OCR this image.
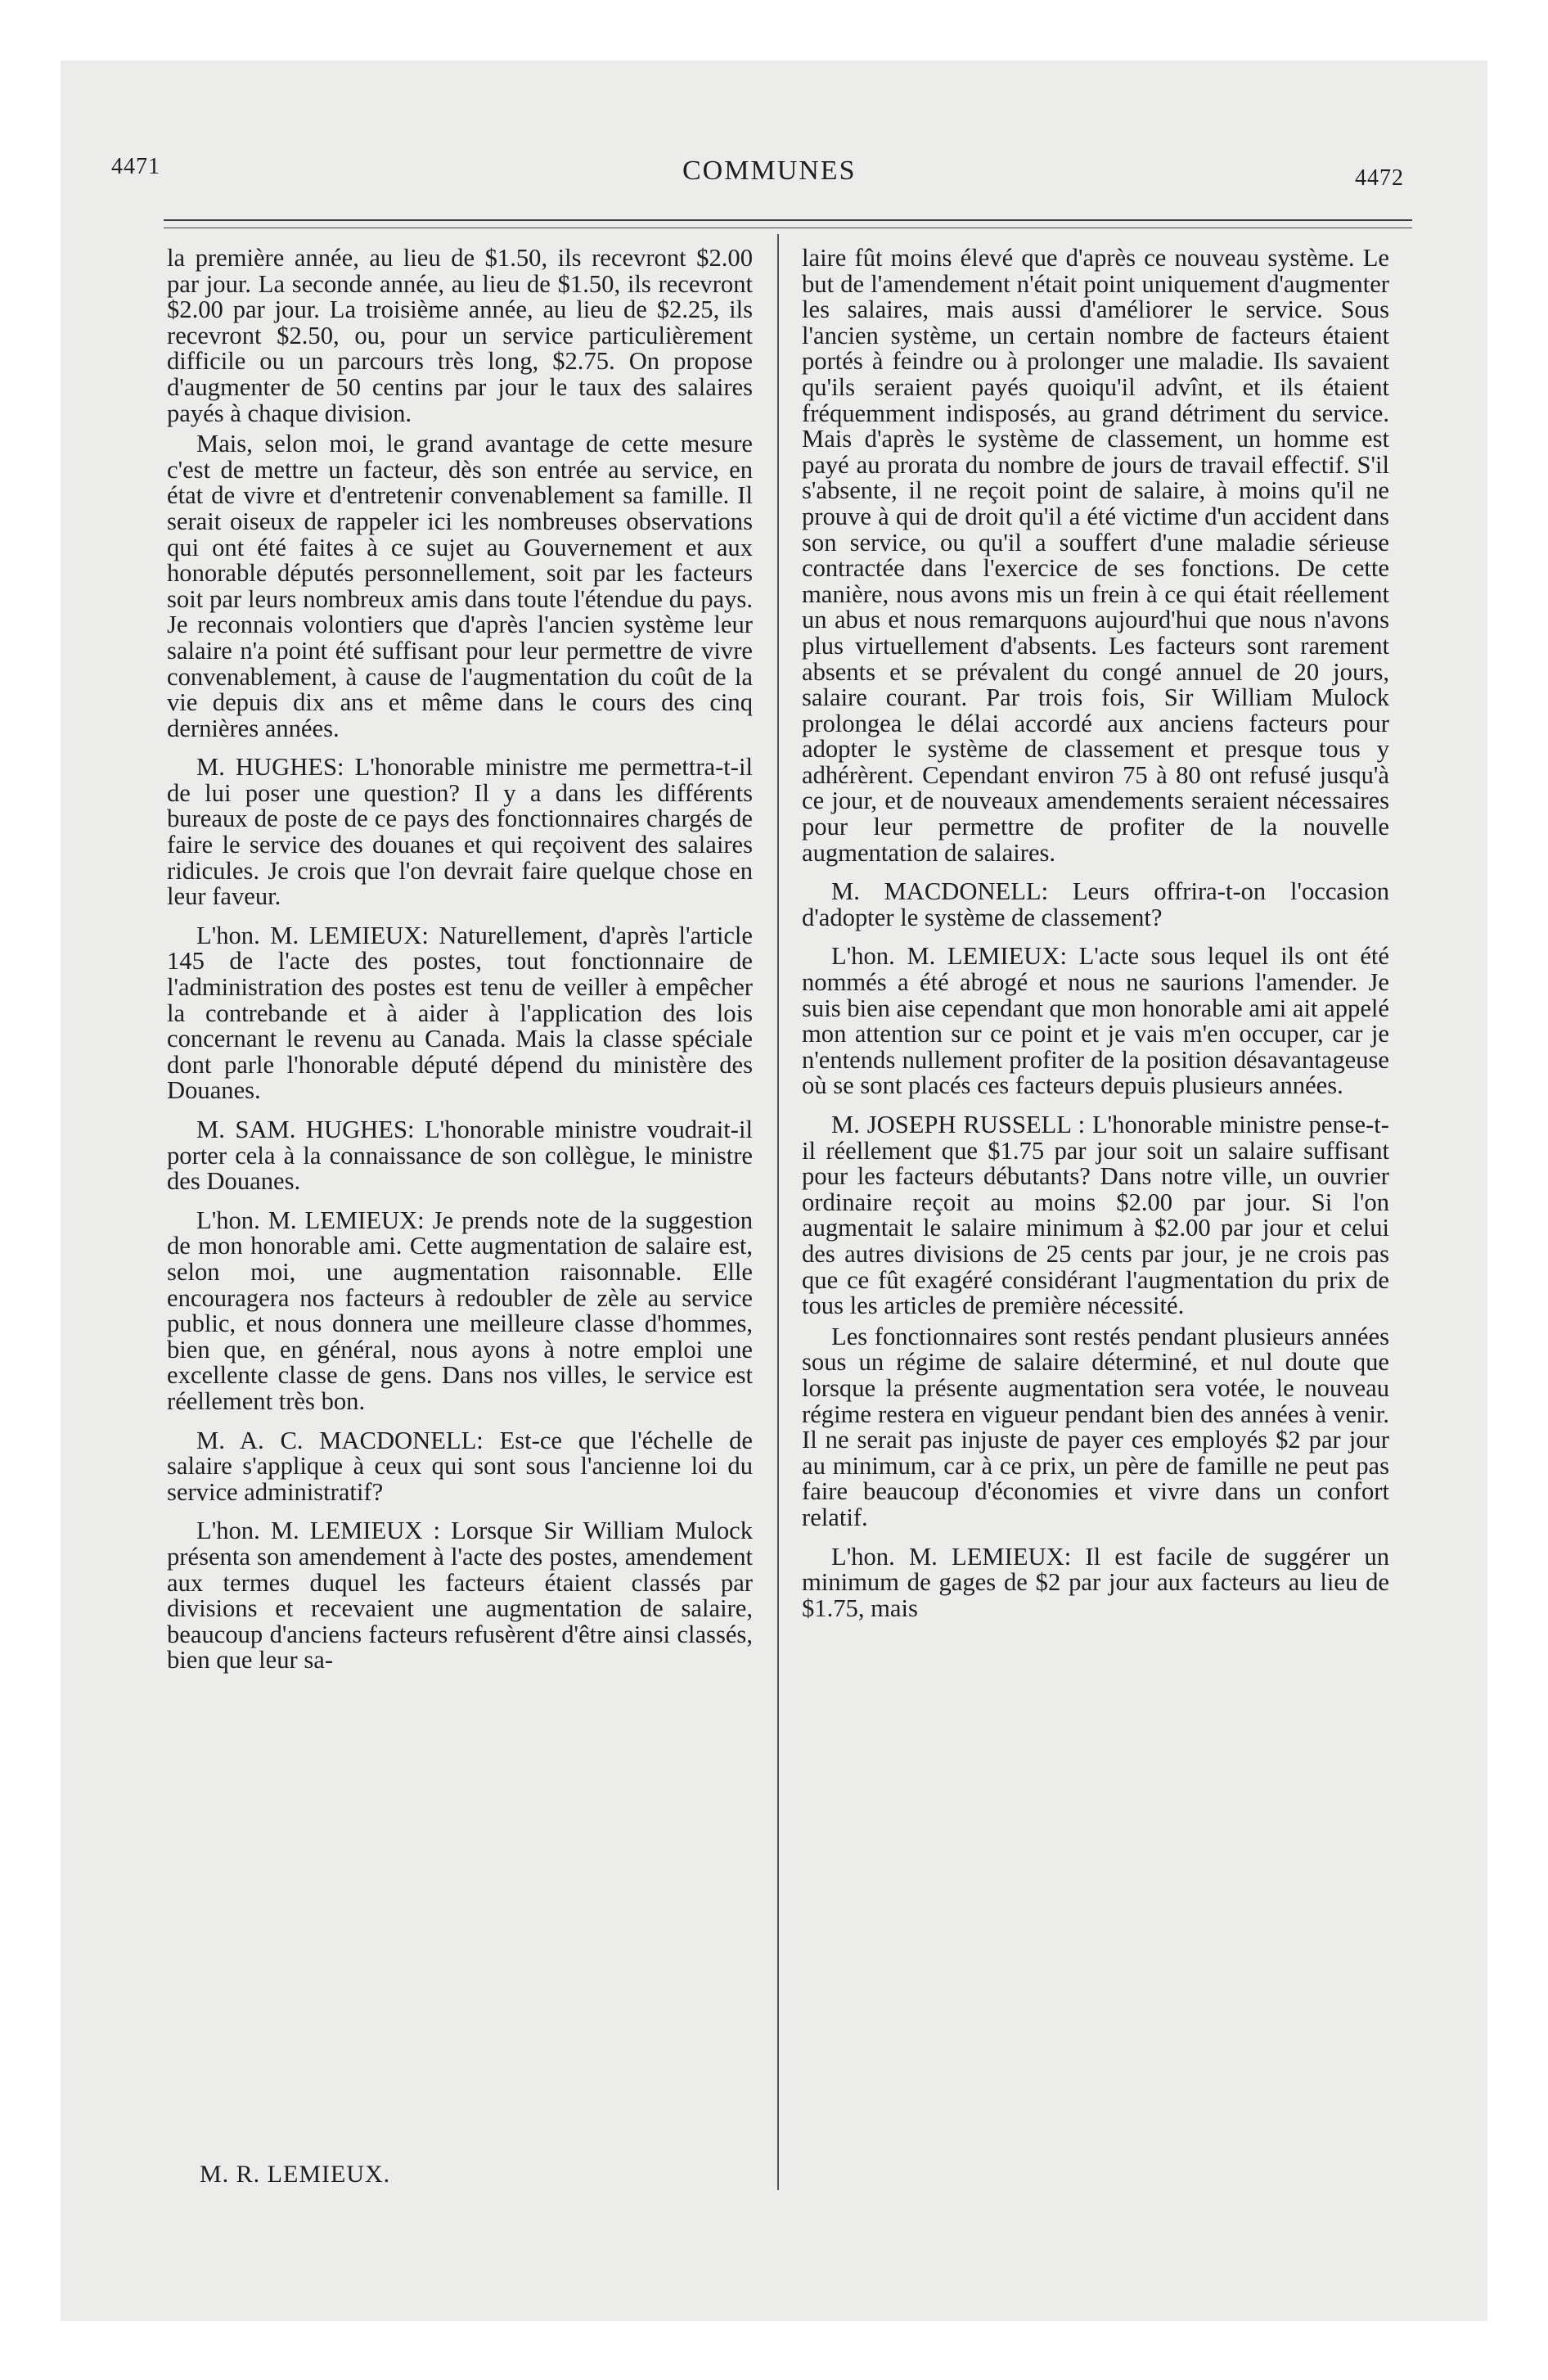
4471	COMMUNES	4472

la première année, au lieu de $1.50, ils recevront $2.00 par jour. La seconde année, au lieu de $1.50, ils recevront $2.00 par jour. La troisième année, au lieu de $2.25, ils recevront $2.50, ou, pour un service particulièrement difficile ou un parcours très long, $2.75. On propose d'augmenter de 50 centins par jour le taux des salaires payés à chaque division.

Mais, selon moi, le grand avantage de cette mesure c'est de mettre un facteur, dès son entrée au service, en état de vivre et d'entretenir convenablement sa famille. Il serait oiseux de rappeler ici les nombreuses observations qui ont été faites à ce sujet au Gouvernement et aux honorable députés personnellement, soit par les facteurs soit par leurs nombreux amis dans toute l'étendue du pays. Je reconnais volontiers que d'après l'ancien système leur salaire n'a point été suffisant pour leur permettre de vivre convenablement, à cause de l'augmentation du coût de la vie depuis dix ans et même dans le cours des cinq dernières années.

M. HUGHES: L'honorable ministre me permettra-t-il de lui poser une question? Il y a dans les différents bureaux de poste de ce pays des fonctionnaires chargés de faire le service des douanes et qui reçoivent des salaires ridicules. Je crois que l'on devrait faire quelque chose en leur faveur.

L'hon. M. LEMIEUX: Naturellement, d'après l'article 145 de l'acte des postes, tout fonctionnaire de l'administration des postes est tenu de veiller à empêcher la contrebande et à aider à l'application des lois concernant le revenu au Canada. Mais la classe spéciale dont parle l'honorable député dépend du ministère des Douanes.

M. SAM. HUGHES: L'honorable ministre voudrait-il porter cela à la connaissance de son collègue, le ministre des Douanes.

L'hon. M. LEMIEUX: Je prends note de la suggestion de mon honorable ami. Cette augmentation de salaire est, selon moi, une augmentation raisonnable. Elle encouragera nos facteurs à redoubler de zèle au service public, et nous donnera une meilleure classe d'hommes, bien que, en général, nous ayons à notre emploi une excellente classe de gens. Dans nos villes, le service est réellement très bon.

M. A. C. MACDONELL: Est-ce que l'échelle de salaire s'applique à ceux qui sont sous l'ancienne loi du service administratif?

L'hon. M. LEMIEUX : Lorsque Sir William Mulock présenta son amendement à l'acte des postes, amendement aux termes duquel les facteurs étaient classés par divisions et recevaient une augmentation de salaire, beaucoup d'anciens facteurs refusèrent d'être ainsi classés, bien que leur sa-

laire fût moins élevé que d'après ce nouveau système. Le but de l'amendement n'était point uniquement d'augmenter les salaires, mais aussi d'améliorer le service. Sous l'ancien système, un certain nombre de facteurs étaient portés à feindre ou à prolonger une maladie. Ils savaient qu'ils seraient payés quoiqu'il advînt, et ils étaient fréquemment indisposés, au grand détriment du service. Mais d'après le système de classement, un homme est payé au prorata du nombre de jours de travail effectif. S'il s'absente, il ne reçoit point de salaire, à moins qu'il ne prouve à qui de droit qu'il a été victime d'un accident dans son service, ou qu'il a souffert d'une maladie sérieuse contractée dans l'exercice de ses fonctions. De cette manière, nous avons mis un frein à ce qui était réellement un abus et nous remarquons aujourd'hui que nous n'avons plus virtuellement d'absents. Les facteurs sont rarement absents et se prévalent du congé annuel de 20 jours, salaire courant. Par trois fois, Sir William Mulock prolongea le délai accordé aux anciens facteurs pour adopter le système de classement et presque tous y adhérèrent. Cependant environ 75 à 80 ont refusé jusqu'à ce jour, et de nouveaux amendements seraient nécessaires pour leur permettre de profiter de la nouvelle augmentation de salaires.

M. MACDONELL: Leurs offrira-t-on l'occasion d'adopter le système de classement?

L'hon. M. LEMIEUX: L'acte sous lequel ils ont été nommés a été abrogé et nous ne saurions l'amender. Je suis bien aise cependant que mon honorable ami ait appelé mon attention sur ce point et je vais m'en occuper, car je n'entends nullement profiter de la position désavantageuse où se sont placés ces facteurs depuis plusieurs années.

M. JOSEPH RUSSELL : L'honorable ministre pense-t-il réellement que $1.75 par jour soit un salaire suffisant pour les facteurs débutants? Dans notre ville, un ouvrier ordinaire reçoit au moins $2.00 par jour. Si l'on augmentait le salaire minimum à $2.00 par jour et celui des autres divisions de 25 cents par jour, je ne crois pas que ce fût exagéré considérant l'augmentation du prix de tous les articles de première nécessité.

Les fonctionnaires sont restés pendant plusieurs années sous un régime de salaire déterminé, et nul doute que lorsque la présente augmentation sera votée, le nouveau régime restera en vigueur pendant bien des années à venir. Il ne serait pas injuste de payer ces employés $2 par jour au minimum, car à ce prix, un père de famille ne peut pas faire beaucoup d'économies et vivre dans un confort relatif.

L'hon. M. LEMIEUX: Il est facile de suggérer un minimum de gages de $2 par jour aux facteurs au lieu de $1.75, mais

M. R. LEMIEUX.
